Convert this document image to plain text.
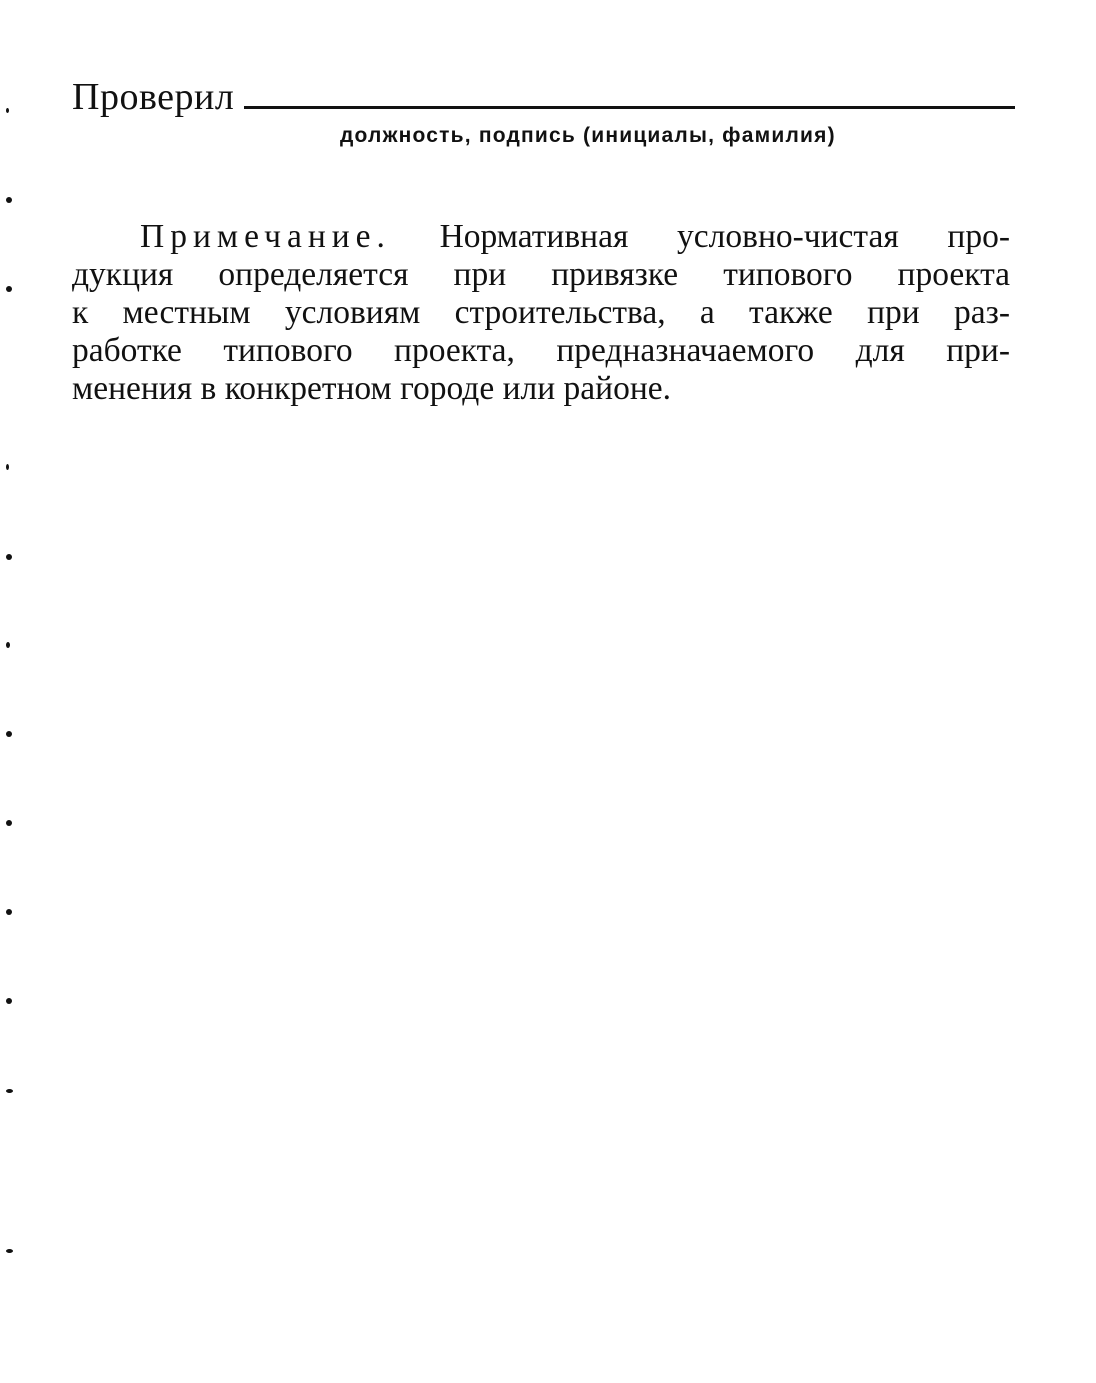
Проверил
должность, подпись (инициалы, фамилия)
Примечание. Нормативная условно-чистая про-
дукция определяется при привязке типового проекта
к местным условиям строительства, а также при раз-
работке типового проекта, предназначаемого для при-
менения в конкретном городе или районе.
